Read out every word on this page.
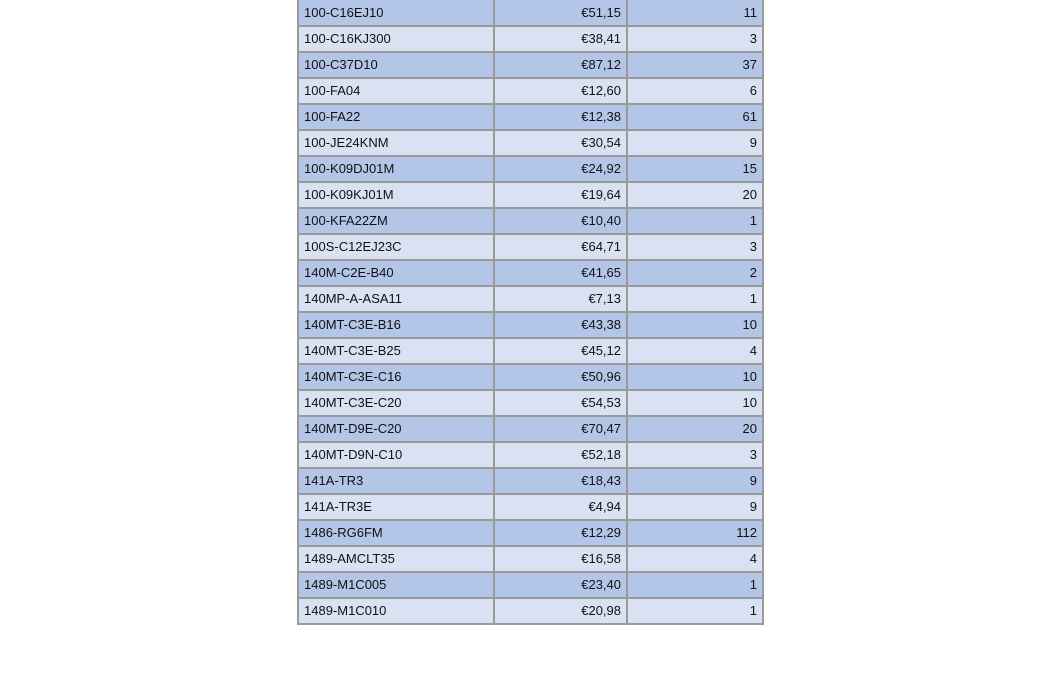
100-C16EJ10	€51,15	11
100-C16KJ300	€38,41	3
100-C37D10	€87,12	37
100-FA04	€12,60	6
100-FA22	€12,38	61
100-JE24KNM	€30,54	9
100-K09DJ01M	€24,92	15
100-K09KJ01M	€19,64	20
100-KFA22ZM	€10,40	1
100S-C12EJ23C	€64,71	3
140M-C2E-B40	€41,65	2
140MP-A-ASA11	€7,13	1
140MT-C3E-B16	€43,38	10
140MT-C3E-B25	€45,12	4
140MT-C3E-C16	€50,96	10
140MT-C3E-C20	€54,53	10
140MT-D9E-C20	€70,47	20
140MT-D9N-C10	€52,18	3
141A-TR3	€18,43	9
141A-TR3E	€4,94	9
1486-RG6FM	€12,29	112
1489-AMCLT35	€16,58	4
1489-M1C005	€23,40	1
1489-M1C010	€20,98	1
